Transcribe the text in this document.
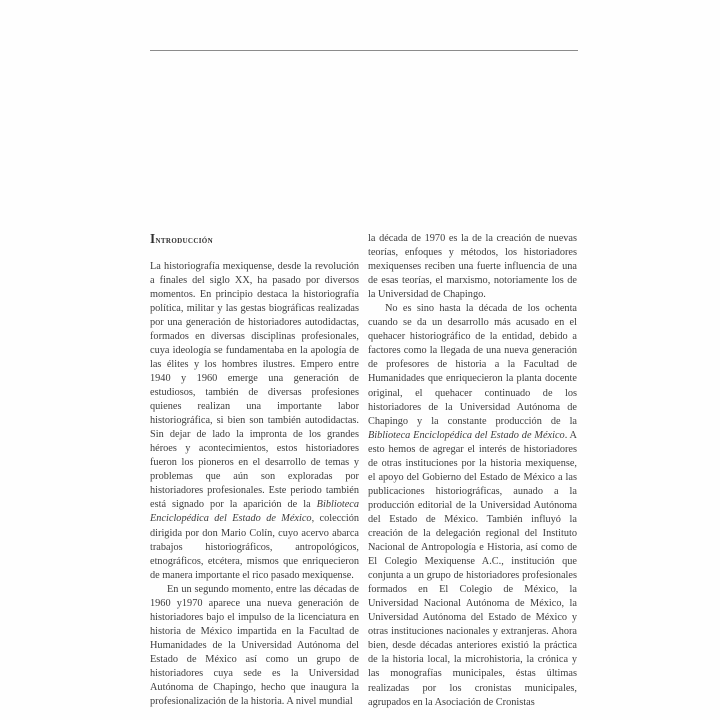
Introducción

La historiografía mexiquense, desde la revolución a finales del siglo XX, ha pasado por diversos momentos. En principio destaca la historiografía política, militar y las gestas biográficas realizadas por una generación de historiadores autodidactas, formados en diversas disciplinas profesionales, cuya ideología se fundamentaba en la apología de las élites y los hombres ilustres. Empero entre 1940 y 1960 emerge una generación de estudiosos, también de diversas profesiones quienes realizan una importante labor historiográfica, si bien son también autodidactas. Sin dejar de lado la impronta de los grandes héroes y acontecimientos, estos historiadores fueron los pioneros en el desarrollo de temas y problemas que aún son exploradas por historiadores profesionales. Este periodo también está signado por la aparición de la Biblioteca Enciclopédica del Estado de México, colección dirigida por don Mario Colín, cuyo acervo abarca trabajos historiográficos, antropológicos, etnográficos, etcétera, mismos que enriquecieron de manera importante el rico pasado mexiquense.

En un segundo momento, entre las décadas de 1960 y1970 aparece una nueva generación de historiadores bajo el impulso de la licenciatura en historia de México impartida en la Facultad de Humanidades de la Universidad Autónoma del Estado de México así como un grupo de historiadores cuya sede es la Universidad Autónoma de Chapingo, hecho que inaugura la profesionalización de la historia. A nivel mundial

la década de 1970 es la de la creación de nuevas teorías, enfoques y métodos, los historiadores mexiquenses reciben una fuerte influencia de una de esas teorías, el marxismo, notoriamente los de la Universidad de Chapingo.

No es sino hasta la década de los ochenta cuando se da un desarrollo más acusado en el quehacer historiográfico de la entidad, debido a factores como la llegada de una nueva generación de profesores de historia a la Facultad de Humanidades que enriquecieron la planta docente original, el quehacer continuado de los historiadores de la Universidad Autónoma de Chapingo y la constante producción de la Biblioteca Enciclopédica del Estado de México. A esto hemos de agregar el interés de historiadores de otras instituciones por la historia mexiquense, el apoyo del Gobierno del Estado de México a las publicaciones historiográficas, aunado a la producción editorial de la Universidad Autónoma del Estado de México. También influyó la creación de la delegación regional del Instituto Nacional de Antropología e Historia, así como de El Colegio Mexiquense A.C., institución que conjunta a un grupo de historiadores profesionales formados en El Colegio de México, la Universidad Nacional Autónoma de México, la Universidad Autónoma del Estado de México y otras instituciones nacionales y extranjeras. Ahora bien, desde décadas anteriores existió la práctica de la historia local, la microhistoria, la crónica y las monografías municipales, éstas últimas realizadas por los cronistas municipales, agrupados en la Asociación de Cronistas
